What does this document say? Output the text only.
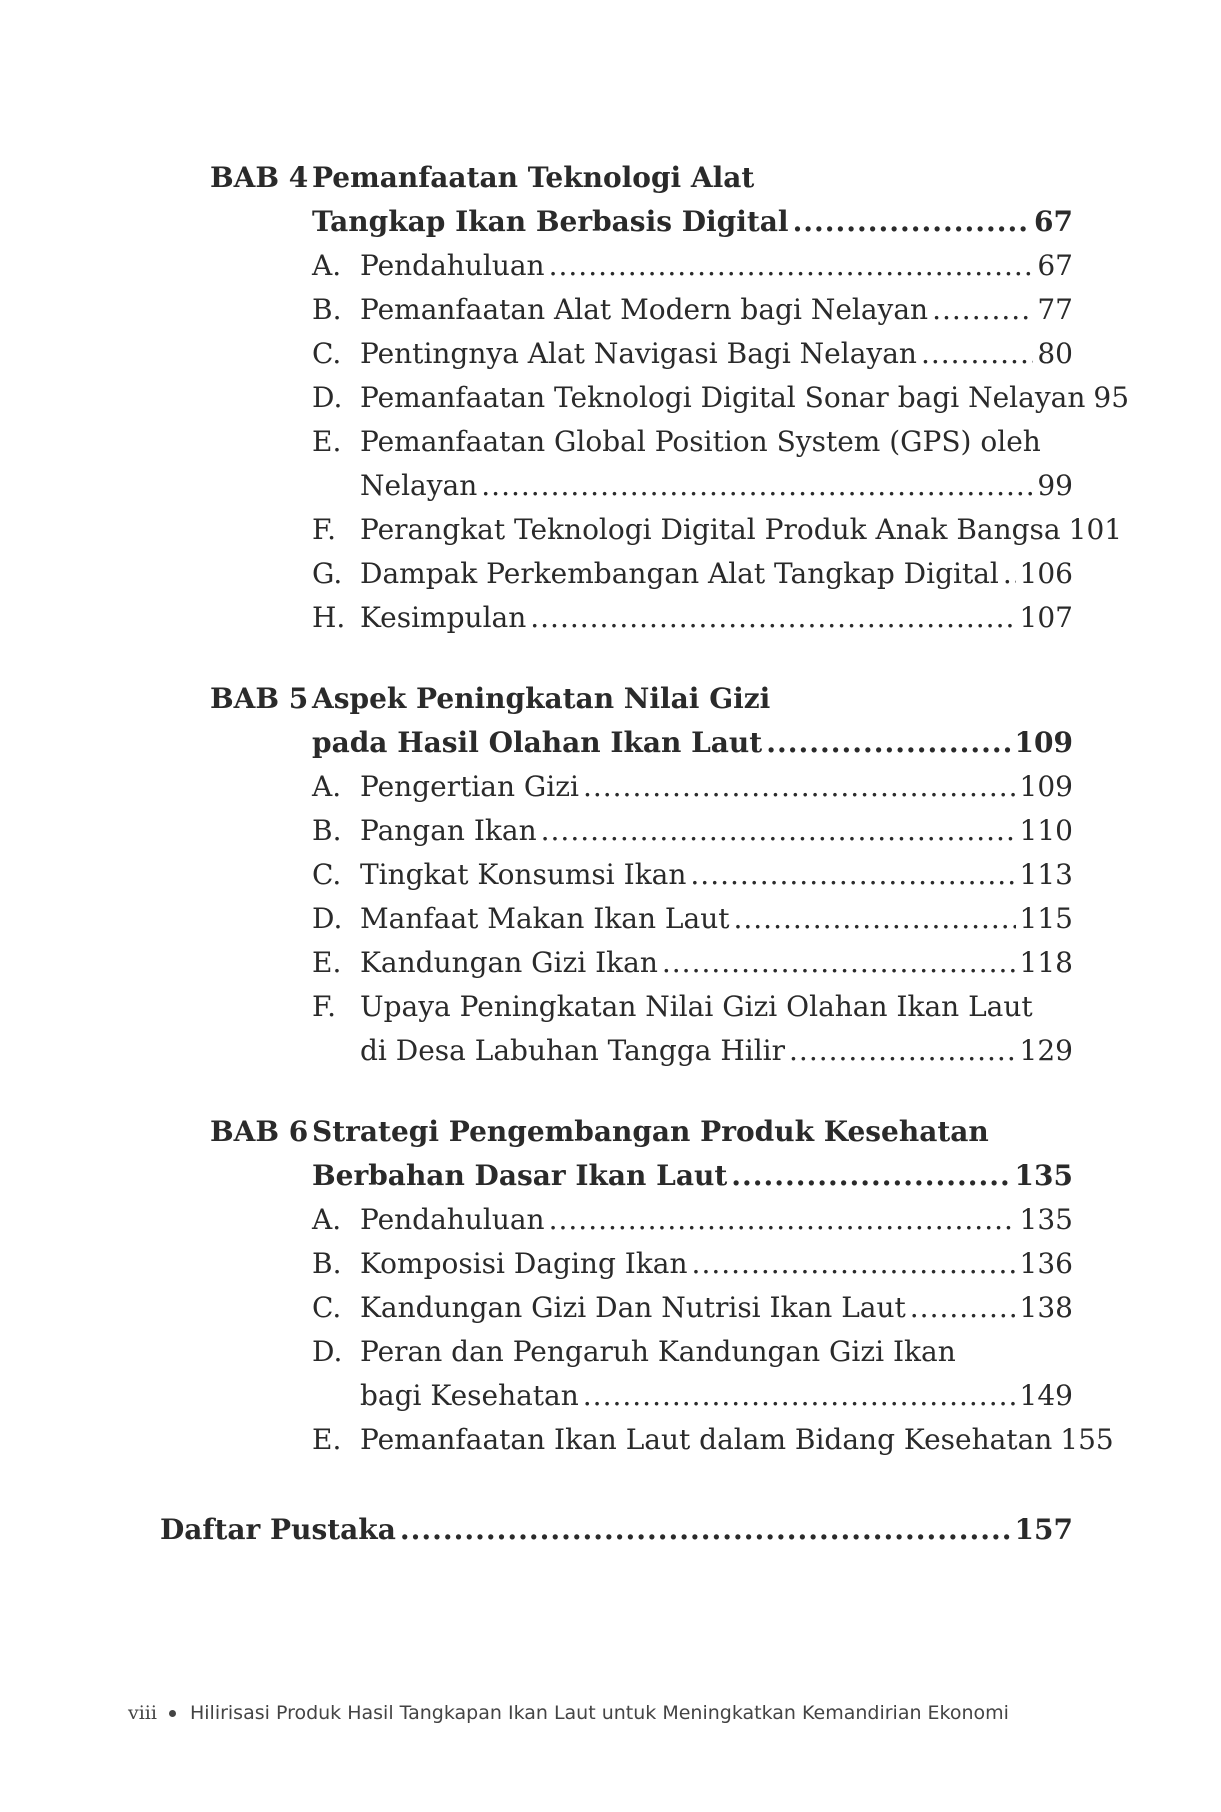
BAB 4 Pemanfaatan Teknologi Alat
Tangkap Ikan Berbasis Digital .....	67
A. Pendahuluan .....	67
B. Pemanfaatan Alat Modern bagi Nelayan .....	77
C. Pentingnya Alat Navigasi Bagi Nelayan .....	80
D. Pemanfaatan Teknologi Digital Sonar bagi Nelayan 95
E. Pemanfaatan Global Position System (GPS) oleh
Nelayan .....	99
F. Perangkat Teknologi Digital Produk Anak Bangsa 101
G. Dampak Perkembangan Alat Tangkap Digital ..... 106
H. Kesimpulan .....	107
BAB 5 Aspek Peningkatan Nilai Gizi
pada Hasil Olahan Ikan Laut .....	109
A. Pengertian Gizi .....	109
B. Pangan Ikan .....	110
C. Tingkat Konsumsi Ikan .....	113
D. Manfaat Makan Ikan Laut .....	115
E. Kandungan Gizi Ikan .....	118
F. Upaya Peningkatan Nilai Gizi Olahan Ikan Laut
di Desa Labuhan Tangga Hilir .....	129
BAB 6 Strategi Pengembangan Produk Kesehatan
Berbahan Dasar Ikan Laut .....	135
A. Pendahuluan .....	135
B. Komposisi Daging Ikan .....	136
C. Kandungan Gizi Dan Nutrisi Ikan Laut .....	138
D. Peran dan Pengaruh Kandungan Gizi Ikan
bagi Kesehatan .....	149
E. Pemanfaatan Ikan Laut dalam Bidang Kesehatan 155
Daftar Pustaka .....	157
viii Hilirisasi Produk Hasil Tangkapan Ikan Laut untuk Meningkatkan Kemandirian Ekonomi
